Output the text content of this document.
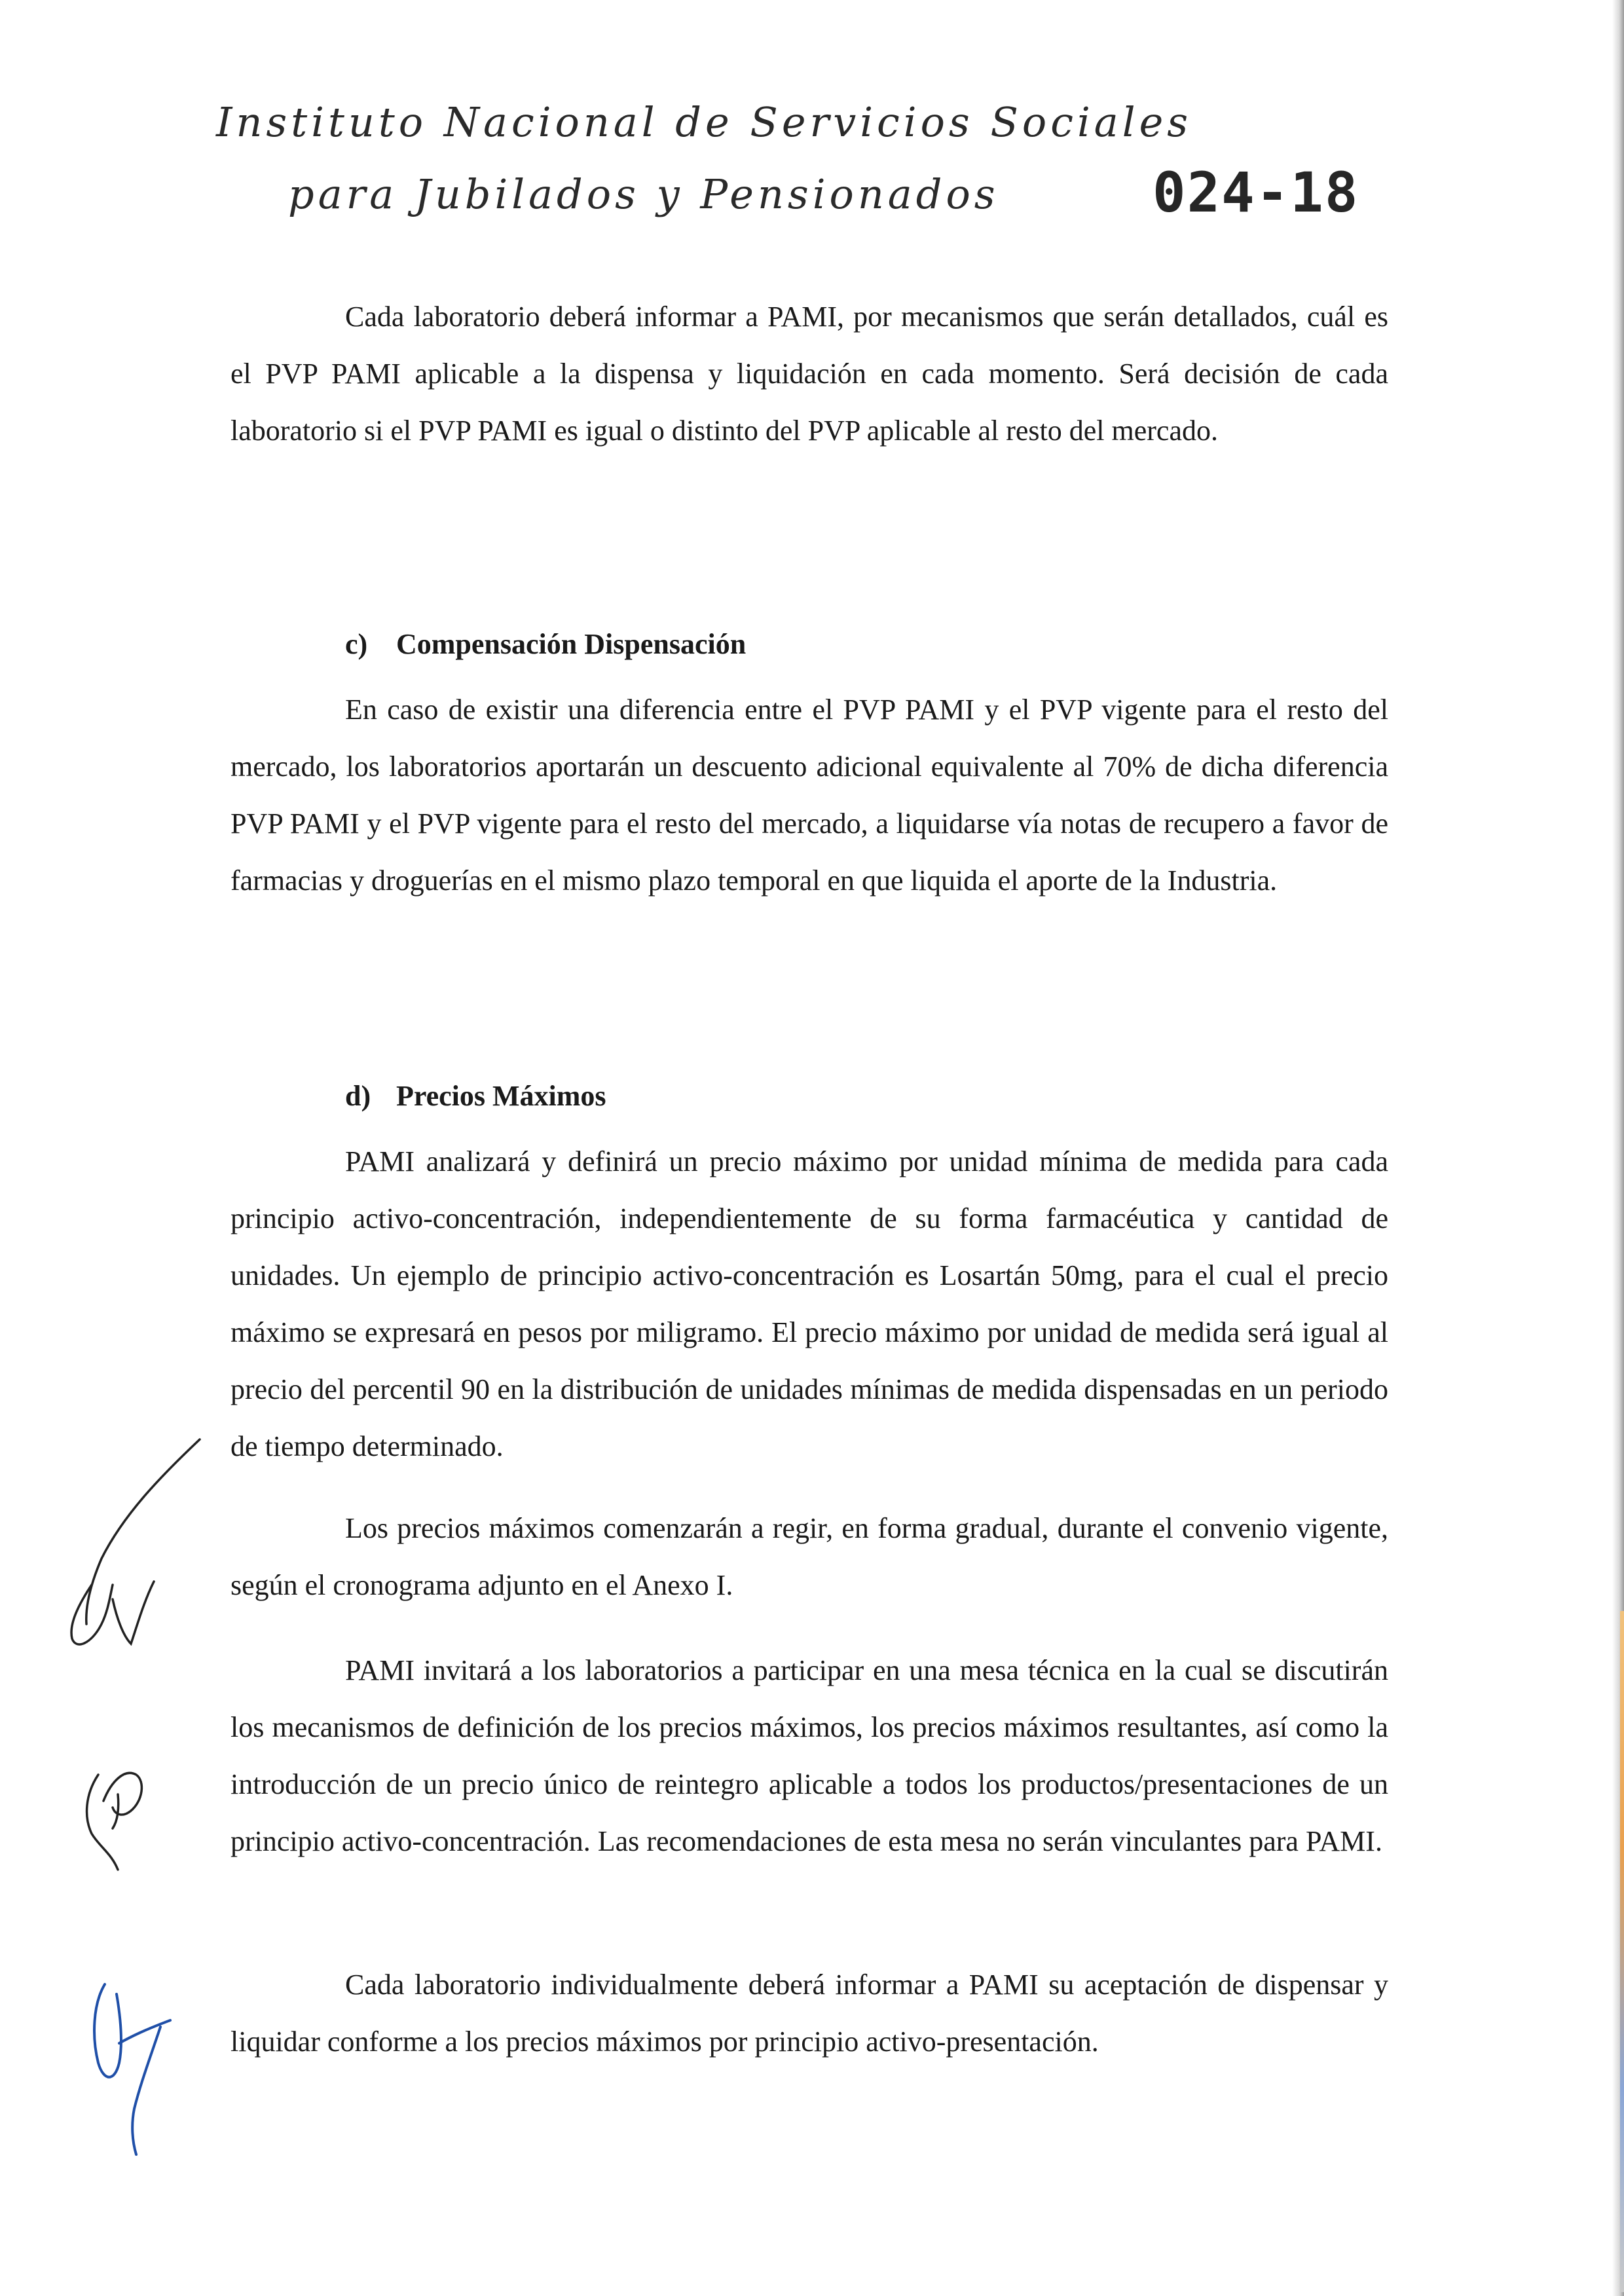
Instituto Nacional de Servicios Sociales
para Jubilados y Pensionados	024-18

Cada laboratorio deberá informar a PAMI, por mecanismos que serán detallados, cuál es el PVP PAMI aplicable a la dispensa y liquidación en cada momento. Será decisión de cada laboratorio si el PVP PAMI es igual o distinto del PVP aplicable al resto del mercado.

c) Compensación Dispensación

En caso de existir una diferencia entre el PVP PAMI y el PVP vigente para el resto del mercado, los laboratorios aportarán un descuento adicional equivalente al 70% de dicha diferencia PVP PAMI y el PVP vigente para el resto del mercado, a liquidarse vía notas de recupero a favor de farmacias y droguerías en el mismo plazo temporal en que liquida el aporte de la Industria.

d) Precios Máximos

PAMI analizará y definirá un precio máximo por unidad mínima de medida para cada principio activo-concentración, independientemente de su forma farmacéutica y cantidad de unidades. Un ejemplo de principio activo-concentración es Losartán 50mg, para el cual el precio máximo se expresará en pesos por miligramo. El precio máximo por unidad de medida será igual al precio del percentil 90 en la distribución de unidades mínimas de medida dispensadas en un periodo de tiempo determinado.

Los precios máximos comenzarán a regir, en forma gradual, durante el convenio vigente, según el cronograma adjunto en el Anexo I.

PAMI invitará a los laboratorios a participar en una mesa técnica en la cual se discutirán los mecanismos de definición de los precios máximos, los precios máximos resultantes, así como la introducción de un precio único de reintegro aplicable a todos los productos/presentaciones de un principio activo-concentración. Las recomendaciones de esta mesa no serán vinculantes para PAMI.

Cada laboratorio individualmente deberá informar a PAMI su aceptación de dispensar y liquidar conforme a los precios máximos por principio activo-presentación.
